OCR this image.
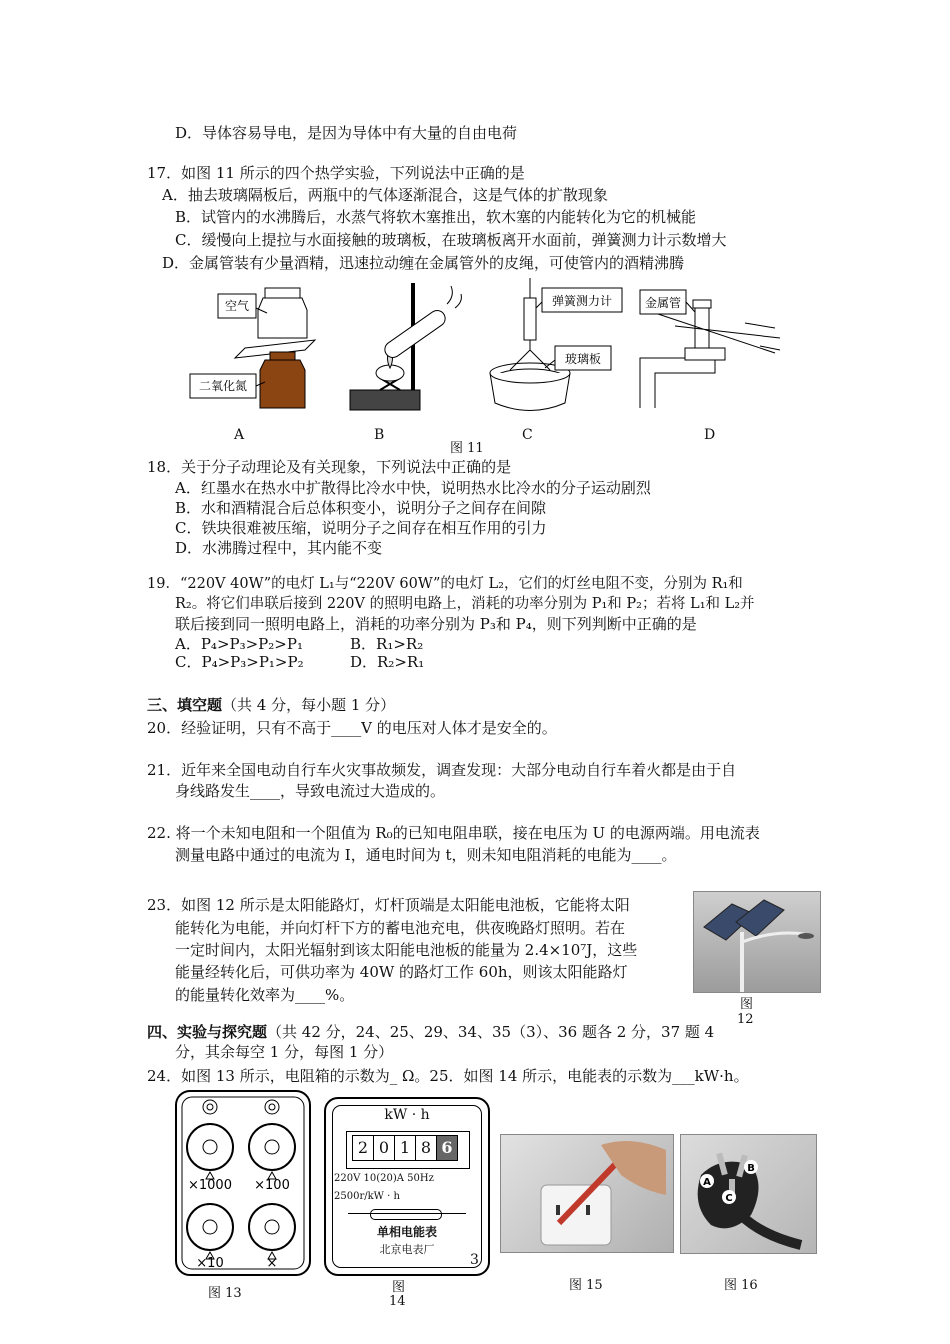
D．导体容易导电，是因为导体中有大量的自由电荷
17．如图 11 所示的四个热学实验，下列说法中正确的是
A．抽去玻璃隔板后，两瓶中的气体逐渐混合，这是气体的扩散现象
B．试管内的水沸腾后，水蒸气将软木塞推出，软木塞的内能转化为它的机械能
C．缓慢向上提拉与水面接触的玻璃板，在玻璃板离开水面前，弹簧测力计示数增大
D．金属管装有少量酒精，迅速拉动缠在金属管外的皮绳，可使管内的酒精沸腾
空气
二氧化氮
弹簧测力计
玻璃板
金属管
A	B
图 11
C	D
18．关于分子动理论及有关现象，下列说法中正确的是
A．红墨水在热水中扩散得比冷水中快，说明热水比冷水的分子运动剧烈
B．水和酒精混合后总体积变小，说明分子之间存在间隙
C．铁块很难被压缩，说明分子之间存在相互作用的引力
D．水沸腾过程中，其内能不变
19．“220V 40W”的电灯 L₁与“220V 60W”的电灯 L₂，它们的灯丝电阻不变，分别为 R₁和
R₂。将它们串联后接到 220V 的照明电路上，消耗的功率分别为 P₁和 P₂；若将 L₁和 L₂并
联后接到同一照明电路上，消耗的功率分别为 P₃和 P₄，则下列判断中正确的是
A．P₄>P₃>P₂>P₁	B．R₁>R₂
C．P₄>P₃>P₁>P₂	D．R₂>R₁
三、填空题（共 4 分，每小题 1 分）
20．经验证明，只有不高于____V 的电压对人体才是安全的。
21．近年来全国电动自行车火灾事故频发，调查发现：大部分电动自行车着火都是由于自
身线路发生____，导致电流过大造成的。
22. 将一个未知电阻和一个阻值为 R₀的已知电阻串联，接在电压为 U 的电源两端。用电流表
测量电路中通过的电流为 I，通电时间为 t，则未知电阻消耗的电能为____。
23．如图 12 所示是太阳能路灯，灯杆顶端是太阳能电池板，它能将太阳
能转化为电能，并向灯杆下方的蓄电池充电，供夜晚路灯照明。若在
一定时间内，太阳光辐射到该太阳能电池板的能量为 2.4×10⁷J，这些
能量经转化后，可供功率为 40W 的路灯工作 60h，则该太阳能路灯
的能量转化效率为____%。
图
12
四、实验与探究题（共 42 分，24、25、29、34、35（3）、36 题各 2 分，37 题 4
分，其余每空 1 分，每图 1 分）
24．如图 13 所示，电阻箱的示数为_ Ω。25．如图 14 所示，电能表的示数为___kW·h。
×1000 ×100
×10	×
图 13
kW · h
2 0 1 8 6
220V 10(20)A 50Hz
2500r/kW · h
单相电能表
北京电表厂
3
图
14
图 15
A
B
C
图 16
